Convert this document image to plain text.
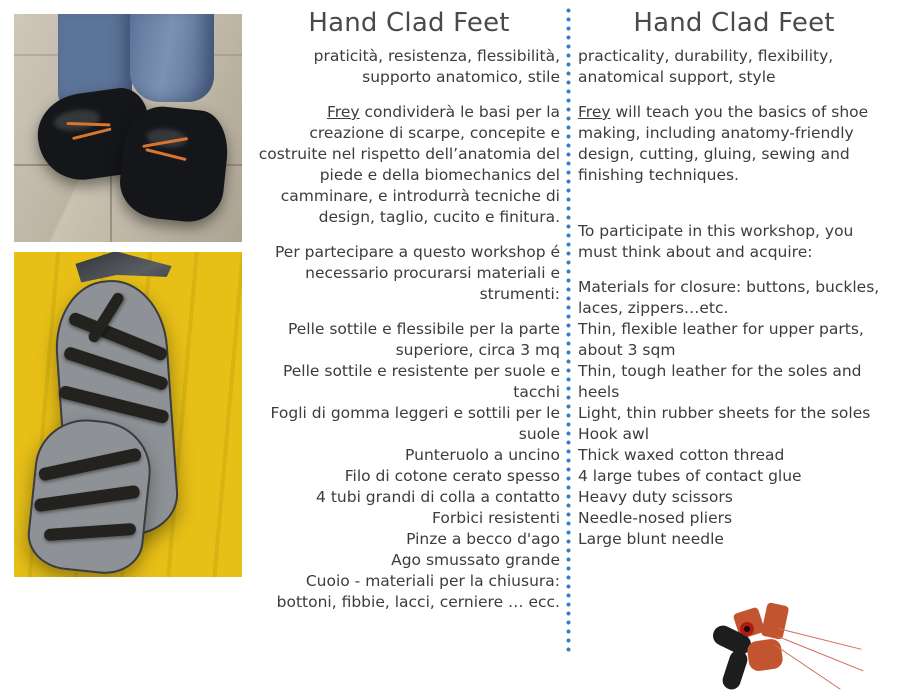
Hand Clad Feet

praticità, resistenza, flessibilità, supporto anatomico, stile

Frey condividerà le basi per la creazione di scarpe, concepite e costruite nel rispetto dell’anatomia del piede e della biomechanics del camminare, e introdurrà tecniche di design, taglio, cucito e finitura.

Per partecipare a questo workshop é necessario procurarsi materiali e strumenti:

Pelle sottile e flessibile per la parte superiore, circa 3 mq
Pelle sottile e resistente per suole e tacchi
Fogli di gomma leggeri e sottili per le suole
Punteruolo a uncino
Filo di cotone cerato spesso
4 tubi grandi di colla a contatto
Forbici resistenti
Pinze a becco d'ago
Ago smussato grande
Cuoio - materiali per la chiusura: bottoni, fibbie, lacci, cerniere … ecc.
Hand Clad Feet

practicality, durability, flexibility, anatomical support, style

Frey will teach you the basics of shoe making, including anatomy-friendly design, cutting, gluing, sewing and finishing techniques.

To participate in this workshop, you must think about and acquire:

Materials for closure: buttons, buckles, laces, zippers…etc.
Thin, flexible leather for upper parts, about 3 sqm
Thin, tough leather for the soles and heels
Light, thin rubber sheets for the soles
Hook awl
Thick waxed cotton thread
4 large tubes of contact glue
Heavy duty scissors
Needle-nosed pliers
Large blunt needle
